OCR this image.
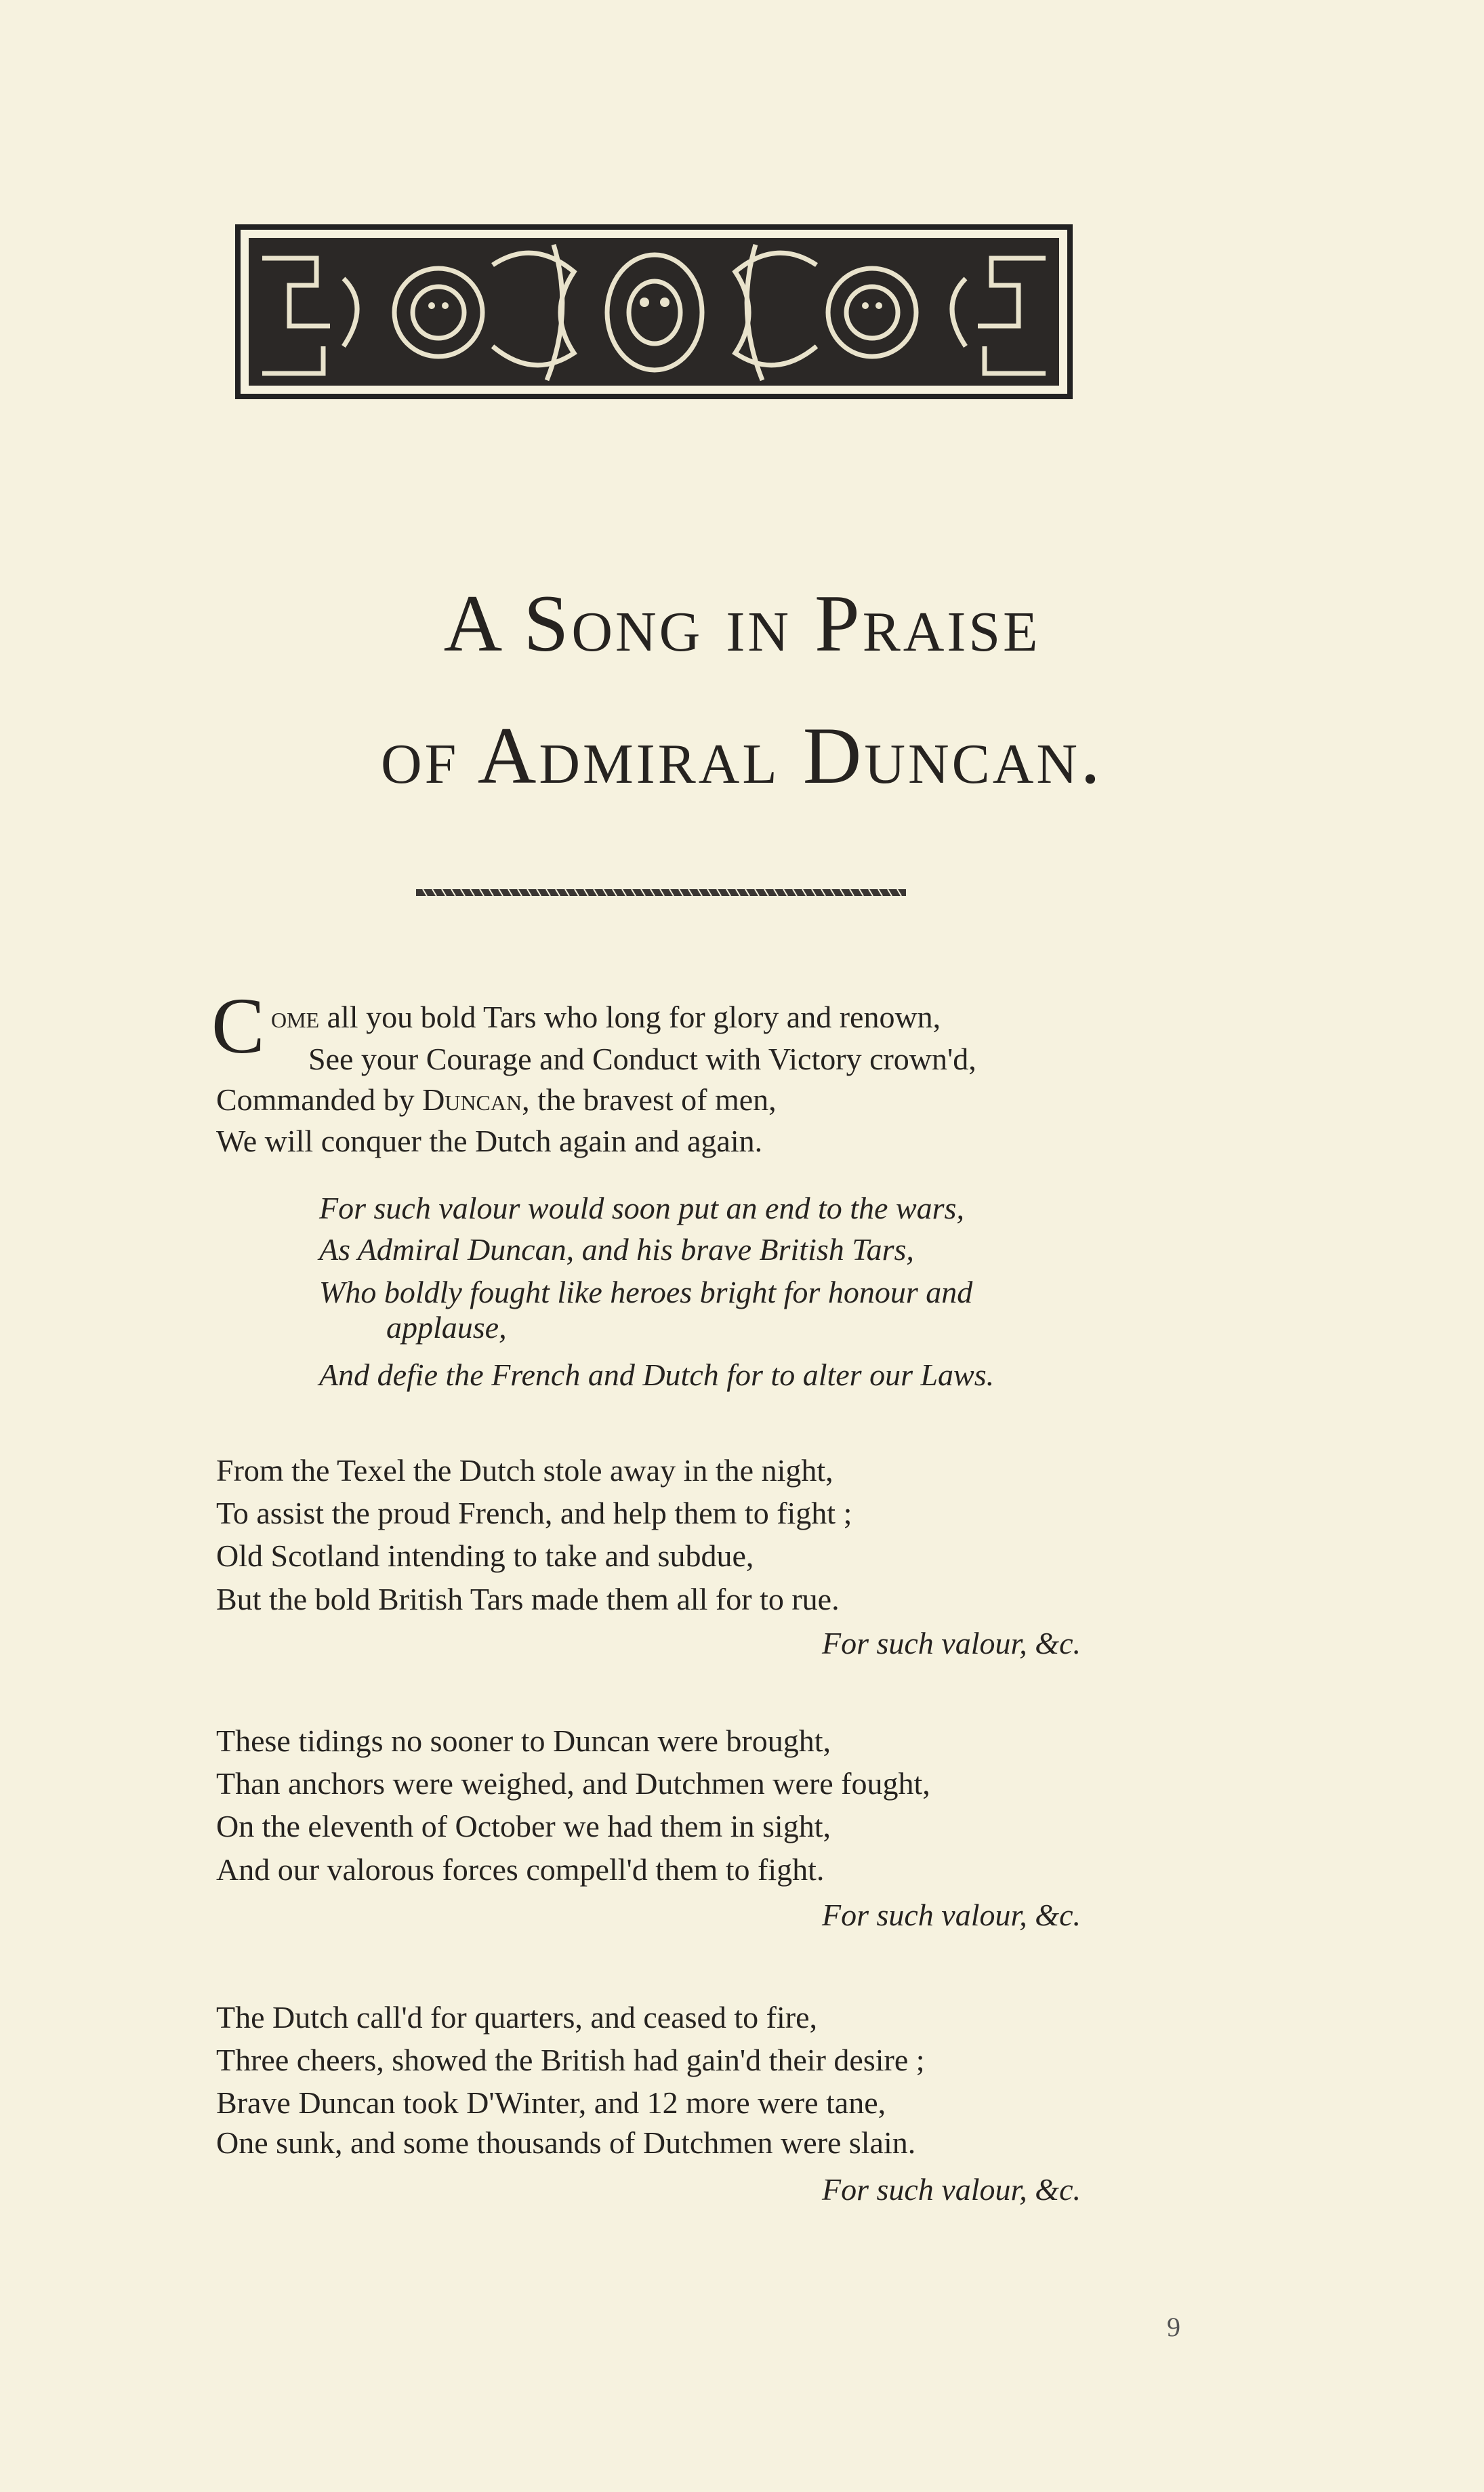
A Song in Praise
of Admiral Duncan.
C ome all you bold Tars who long for glory and renown,
See your Courage and Conduct with Victory crown'd,
Commanded by Duncan, the bravest of men,
We will conquer the Dutch again and again.
For such valour would soon put an end to the wars,
As Admiral Duncan, and his brave British Tars,
Who boldly fought like heroes bright for honour and
applause,
And defie the French and Dutch for to alter our Laws.
From the Texel the Dutch stole away in the night,
To assist the proud French, and help them to fight ;
Old Scotland intending to take and subdue,
But the bold British Tars made them all for to rue.
For such valour, &c.
These tidings no sooner to Duncan were brought,
Than anchors were weighed, and Dutchmen were fought,
On the eleventh of October we had them in sight,
And our valorous forces compell'd them to fight.
For such valour, &c.
The Dutch call'd for quarters, and ceased to fire,
Three cheers, showed the British had gain'd their desire ;
Brave Duncan took D'Winter, and 12 more were tane,
One sunk, and some thousands of Dutchmen were slain.
For such valour, &c.
9
